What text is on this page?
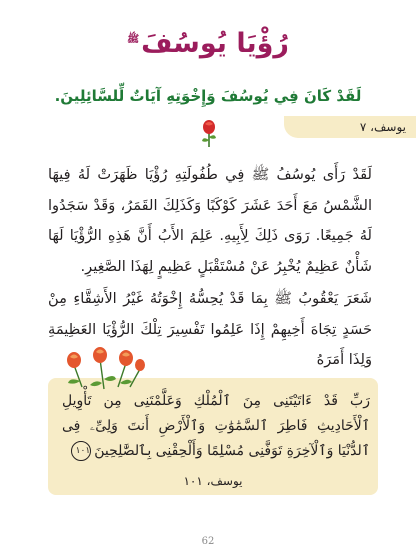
رُؤْيَا يُوسُفَ$^ﷺ$
لَقَدْ كَانَ فِي يُوسُفَ وَإِخْوَتِهِ آيَاتٌ لِّلسَّائِلِينَ.
يوسف، ٧

لَقَدْ رَأَى يُوسُفُ ﷺ فِي طُفُولَتِهِ رُؤْيَا ظَهَرَتْ لَهُ فِيهَا الشَّمْسُ مَعَ أَحَدَ عَشَرَ كَوْكَبًا وَكَذَلِكَ القَمَرُ، وَقَدْ سَجَدُوا لَهُ جَمِيعًا. رَوَى ذَلِكَ لِأَبِيهِ. عَلِمَ الأَبُ أَنَّ هَذِهِ الرُّؤْيَا لَهَا شَأْنٌ عَظِيمٌ يُخْبِرُ عَنْ مُسْتَقْبَلٍ عَظِيمٍ لِهَذَا الصَّغِيرِ.

شَعَرَ يَعْقُوبُ ﷺ بِمَا قَدْ يُحِسُّهُ إِخْوَتُهُ غَيْرُ الأَشِقَّاءِ مِنْ حَسَدٍ تِجَاهَ أَخِيهِمْ إِذَا عَلِمُوا تَفْسِيرَ تِلْكَ الرُّؤْيَا العَظِيمَةِ وَلِذَا أَمَرَهُ

رَبِّ قَدْ ءَاتَيْتَنِى مِنَ ٱلْمُلْكِ وَعَلَّمْتَنِى مِن تَأْوِيلِ ٱلْأَحَادِيثِ فَاطِرَ ٱلسَّمَٰوَٰتِ وَٱلْأَرْضِ أَنتَ وَلِىِّۦ فِى ٱلدُّنْيَا وَٱلْآخِرَةِ تَوَفَّنِى مُسْلِمًا وَأَلْحِقْنِى بِٱلصَّٰلِحِينَ١٠١
يوسف، ١٠١
62
